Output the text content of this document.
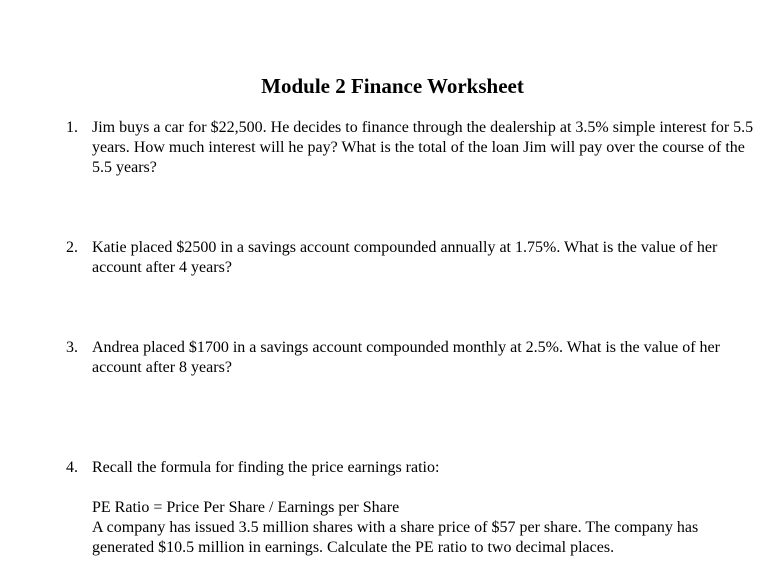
Module 2 Finance Worksheet
1. Jim buys a car for $22,500. He decides to finance through the dealership at 3.5% simple interest for 5.5 years. How much interest will he pay? What is the total of the loan Jim will pay over the course of the 5.5 years?

2. Katie placed $2500 in a savings account compounded annually at 1.75%. What is the value of her account after 4 years?

3. Andrea placed $1700 in a savings account compounded monthly at 2.5%. What is the value of her account after 8 years?

4. Recall the formula for finding the price earnings ratio:

PE Ratio = Price Per Share / Earnings per Share

A company has issued 3.5 million shares with a share price of $57 per share. The company has generated $10.5 million in earnings. Calculate the PE ratio to two decimal places.
